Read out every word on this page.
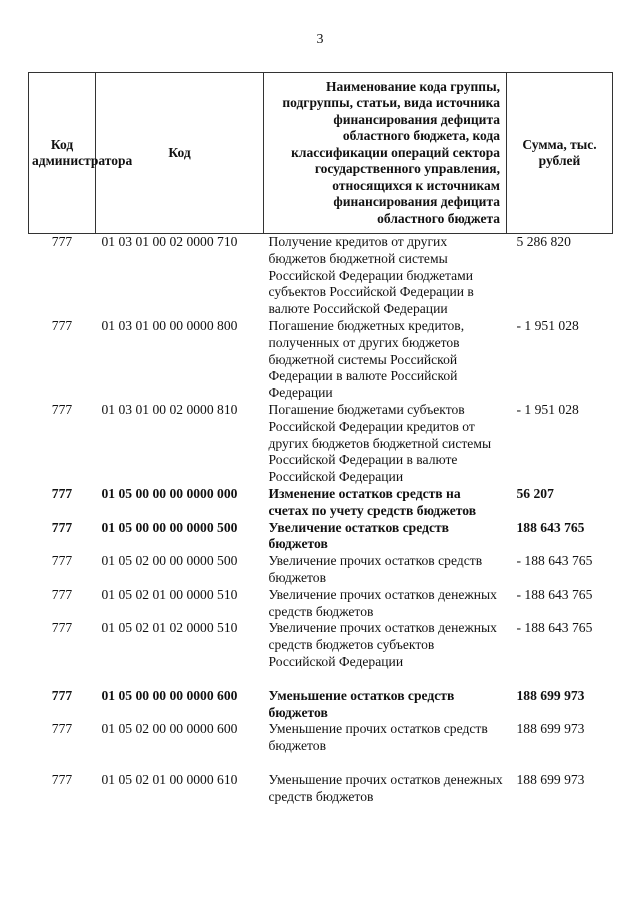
3
Код администратора	Код	Наименование кода группы, подгруппы, статьи, вида источника финансирования дефицита областного бюджета, кода классификации операций сектора государственного управления, относящихся к источникам финансирования дефицита областного бюджета	Сумма, тыс. рублей
777	01 03 01 00 02 0000 710	Получение кредитов от других бюджетов бюджетной системы Российской Федерации бюджетами субъектов Российской Федерации в валюте Российской Федерации	5 286 820
777	01 03 01 00 00 0000 800	Погашение бюджетных кредитов, полученных от других бюджетов бюджетной системы Российской Федерации в валюте Российской Федерации	- 1 951 028
777	01 03 01 00 02 0000 810	Погашение бюджетами субъектов Российской Федерации кредитов от других бюджетов бюджетной системы Российской Федерации в валюте Российской Федерации	- 1 951 028
777	01 05 00 00 00 0000 000	Изменение остатков средств на счетах по учету средств бюджетов	56 207
777	01 05 00 00 00 0000 500	Увеличение остатков средств бюджетов	188 643 765
777	01 05 02 00 00 0000 500	Увеличение прочих остатков средств бюджетов	- 188 643 765
777	01 05 02 01 00 0000 510	Увеличение прочих остатков денежных средств бюджетов	- 188 643 765
777	01 05 02 01 02 0000 510	Увеличение прочих остатков денежных средств бюджетов субъектов Российской Федерации	- 188 643 765
777	01 05 00 00 00 0000 600	Уменьшение остатков средств бюджетов	188 699 973
777	01 05 02 00 00 0000 600	Уменьшение прочих остатков средств бюджетов	188 699 973
777	01 05 02 01 00 0000 610	Уменьшение прочих остатков денежных средств бюджетов	188 699 973
